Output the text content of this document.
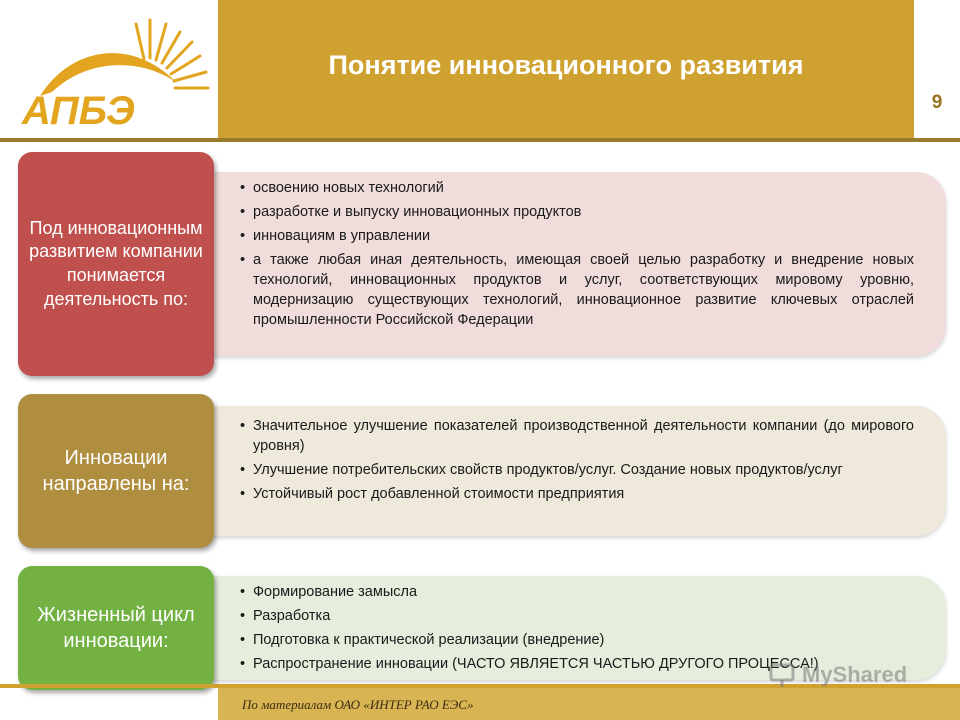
АПБЭ
Понятие инновационного развития
9
• освоению новых технологий
• разработке и выпуску инновационных продуктов
• инновациям в управлении
• а также любая иная деятельность, имеющая своей целью разработку и внедрение новых технологий, инновационных продуктов и услуг, соответствующих мировому уровню, модернизацию существующих технологий, инновационное развитие ключевых отраслей промышленности Российской Федерации
Под инновационным развитием компании понимается деятельность по:
• Значительное улучшение показателей производственной деятельности компании (до мирового уровня)
• Улучшение потребительских свойств продуктов/услуг. Создание новых продуктов/услуг
• Устойчивый рост добавленной стоимости предприятия
Инновации направлены на:
• Формирование замысла
• Разработка
• Подготовка к практической реализации (внедрение)
• Распространение инновации (ЧАСТО ЯВЛЯЕТСЯ ЧАСТЬЮ ДРУГОГО ПРОЦЕССА!)
Жизненный цикл инновации:
По материалам ОАО «ИНТЕР РАО ЕЭС»
MyShared
